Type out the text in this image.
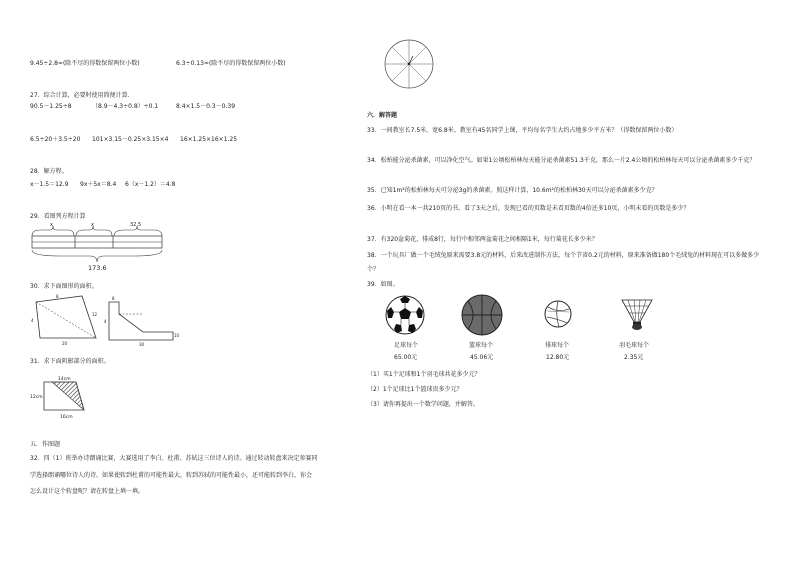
9.45÷2.8≈(除不尽的得数保留两位小数)	6.3÷0.13≈(除不尽的得数保留两位小数)
27．综合计算，必要时使用简便计算．
90.5－1.25÷8	（8.9－4.3÷0.8）÷0.1	8.4×1.5－0.3－0.39
6.5÷20＋3.5÷20 101×3.15－0.25×3.15×4 16×1.25×16×1.25
28．解方程。
x－1.5＝12.9 9x＋5x＝8.4 6（x－1.2）＝4.8
29．看图列方程计算
x	x	32.5
173.6
30．求下面图形的面积。
8
4
12
20
8
4
30
10
31．求下面阴影部分的面积。
14cm
12cm
16cm
五．作图题
32．四（1）班举办诗朗诵比赛，大赛选用了李白、杜甫、苏轼这三位诗人的诗。通过转动转盘来决定参赛同
学选择朗诵哪位诗人的诗。如果使转到杜甫的可能性最大，转到苏轼的可能性最小，还可能转到李白，你会
怎么设计这个转盘呢？请在转盘上填一填。
六．解答题
33．一间教室长7.5米，宽6.8米。教室有45名同学上课，平均每名学生大约占地多少平方米？（得数保留两位小数）
34．松柏能分泌杀菌素，可以净化空气。如果1公顷松柏林每天能分泌杀菌素51.3千克，那么一片2.4公顷的松柏林每天可以分泌杀菌素多少千克？
35．已知1m²的松柏林每天可分泌3g的杀菌素。照这样计算，10.6m²的松柏林30天可以分泌杀菌素多少克？
36．小明在看一本一共210页的书，看了3天之后，发现已看的页数是未看页数的4倍还多10页，小明未看的页数是多少？
37．有320盆菊花，排成8行，每行中相邻两盆菊花之间相隔1米，每行菊花长多少米？
38．一个玩具厂做一个毛绒兔原来需要3.8元的材料，后来改进制作方法，每个节省0.2元的材料，原来准备做180个毛绒兔的材料现在可以多做多少个？
39．如图。
足球每个
65.00元
篮球每个
45.06元
排球每个
12.80元
羽毛球每个
2.35元
（1）买1个足球和1个羽毛球共花多少元？
（2）1个足球比1个篮球贵多少元？
（3）请你再提出一个数学问题，并解答。
